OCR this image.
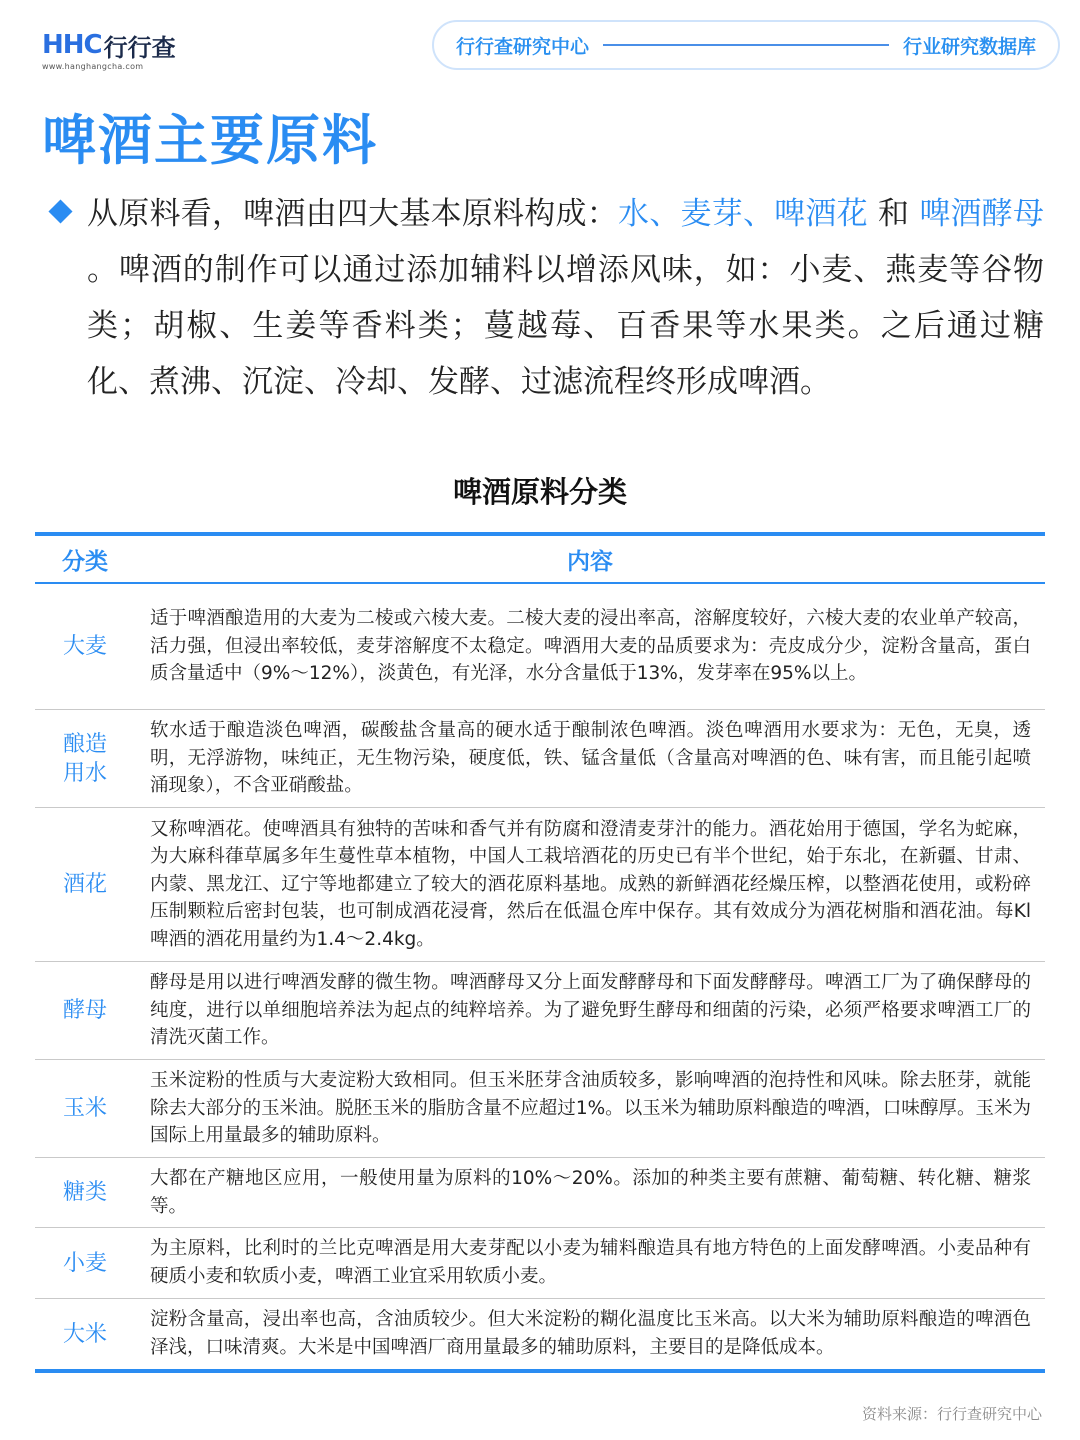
HHC 行行查
www.hanghangcha.com
行行查研究中心	行业研究数据库
啤酒主要原料
从原料看，啤酒由四大基本原料构成：水、麦芽、啤酒花 和 啤酒酵母 。啤酒的制作可以通过添加辅料以增添风味，如：小麦、燕麦等谷物类；胡椒、生姜等香料类；蔓越莓、百香果等水果类。之后通过糖化、煮沸、沉淀、冷却、发酵、过滤流程终形成啤酒。
啤酒原料分类
分类	内容
大麦
适于啤酒酿造用的大麦为二棱或六棱大麦。二棱大麦的浸出率高，溶解度较好，六棱大麦的农业单产较高，活力强，但浸出率较低，麦芽溶解度不太稳定。啤酒用大麦的品质要求为：壳皮成分少，淀粉含量高，蛋白质含量适中（9%～12%），淡黄色，有光泽，水分含量低于13%，发芽率在95%以上。
酿造用水
软水适于酿造淡色啤酒，碳酸盐含量高的硬水适于酿制浓色啤酒。淡色啤酒用水要求为：无色，无臭，透明，无浮游物，味纯正，无生物污染，硬度低，铁、锰含量低（含量高对啤酒的色、味有害，而且能引起喷涌现象），不含亚硝酸盐。
酒花
又称啤酒花。使啤酒具有独特的苦味和香气并有防腐和澄清麦芽汁的能力。酒花始用于德国，学名为蛇麻，为大麻科葎草属多年生蔓性草本植物，中国人工栽培酒花的历史已有半个世纪，始于东北，在新疆、甘肃、内蒙、黑龙江、辽宁等地都建立了较大的酒花原料基地。成熟的新鲜酒花经燥压榨，以整酒花使用，或粉碎压制颗粒后密封包装，也可制成酒花浸膏，然后在低温仓库中保存。其有效成分为酒花树脂和酒花油。每Kl啤酒的酒花用量约为1.4～2.4kg。
酵母
酵母是用以进行啤酒发酵的微生物。啤酒酵母又分上面发酵酵母和下面发酵酵母。啤酒工厂为了确保酵母的纯度，进行以单细胞培养法为起点的纯粹培养。为了避免野生酵母和细菌的污染，必须严格要求啤酒工厂的清洗灭菌工作。
玉米
玉米淀粉的性质与大麦淀粉大致相同。但玉米胚芽含油质较多，影响啤酒的泡持性和风味。除去胚芽，就能除去大部分的玉米油。脱胚玉米的脂肪含量不应超过1%。以玉米为辅助原料酿造的啤酒，口味醇厚。玉米为国际上用量最多的辅助原料。
糖类
大都在产糖地区应用，一般使用量为原料的10%～20%。添加的种类主要有蔗糖、葡萄糖、转化糖、糖浆等。
小麦
为主原料，比利时的兰比克啤酒是用大麦芽配以小麦为辅料酿造具有地方特色的上面发酵啤酒。小麦品种有硬质小麦和软质小麦，啤酒工业宜采用软质小麦。
大米
淀粉含量高，浸出率也高，含油质较少。但大米淀粉的糊化温度比玉米高。以大米为辅助原料酿造的啤酒色泽浅，口味清爽。大米是中国啤酒厂商用量最多的辅助原料，主要目的是降低成本。
资料来源：行行查研究中心
